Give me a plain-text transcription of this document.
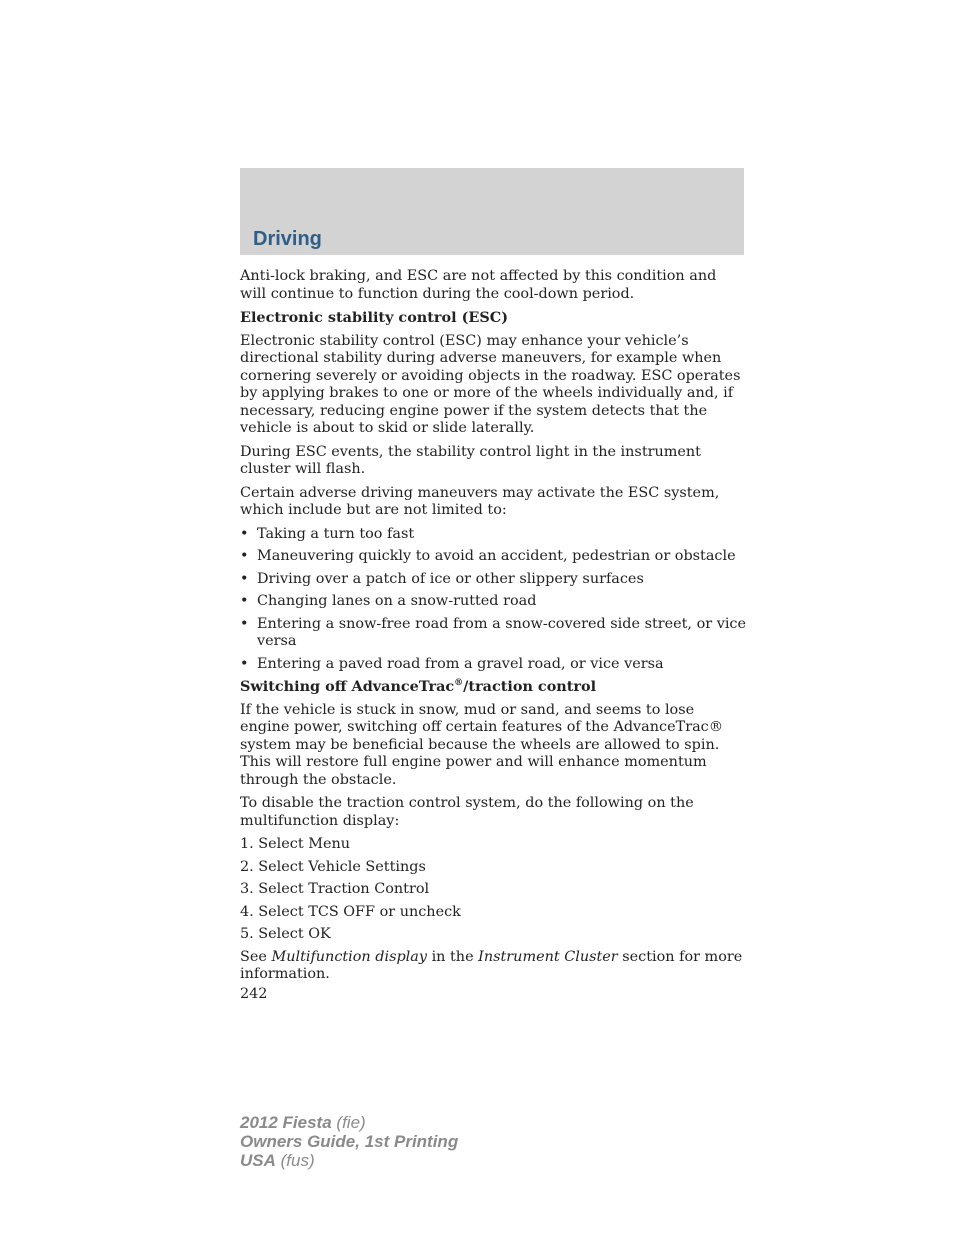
Driving

Anti-lock braking, and ESC are not affected by this condition and will continue to function during the cool-down period.

Electronic stability control (ESC)

Electronic stability control (ESC) may enhance your vehicle’s directional stability during adverse maneuvers, for example when cornering severely or avoiding objects in the roadway. ESC operates by applying brakes to one or more of the wheels individually and, if necessary, reducing engine power if the system detects that the vehicle is about to skid or slide laterally.

During ESC events, the stability control light in the instrument cluster will flash.

Certain adverse driving maneuvers may activate the ESC system, which include but are not limited to:

• Taking a turn too fast
• Maneuvering quickly to avoid an accident, pedestrian or obstacle
• Driving over a patch of ice or other slippery surfaces
• Changing lanes on a snow-rutted road
• Entering a snow-free road from a snow-covered side street, or vice versa
• Entering a paved road from a gravel road, or vice versa
Switching off AdvanceTrac®/traction control

If the vehicle is stuck in snow, mud or sand, and seems to lose engine power, switching off certain features of the AdvanceTrac® system may be beneficial because the wheels are allowed to spin. This will restore full engine power and will enhance momentum through the obstacle.

To disable the traction control system, do the following on the multifunction display:

1. Select Menu
2. Select Vehicle Settings
3. Select Traction Control
4. Select TCS OFF or uncheck
5. Select OK

See Multifunction display in the Instrument Cluster section for more information.

242
2012 Fiesta (fie)
Owners Guide, 1st Printing
USA (fus)
